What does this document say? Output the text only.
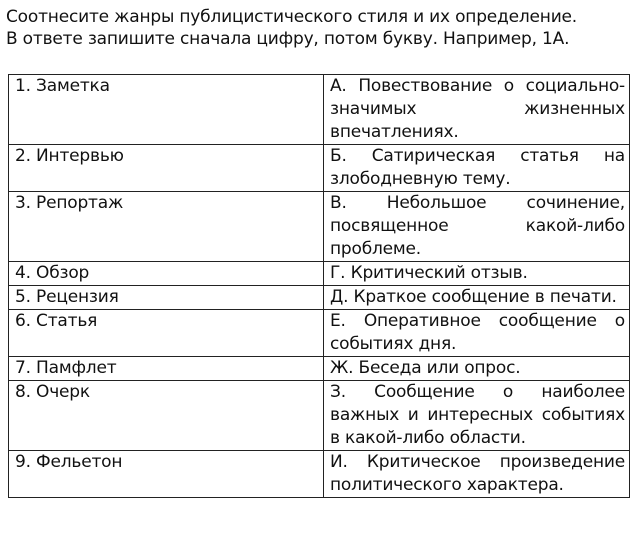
Соотнесите жанры публицистического стиля и их определение.

В ответе запишите сначала цифру, потом букву. Например, 1А.

1. Заметка	А. Повествование о социально-значимых жизненных впечатлениях.
2. Интервью	Б. Сатирическая статья на злободневную тему.
3. Репортаж	В. Небольшое сочинение, посвященное какой-либо проблеме.
4. Обзор	Г. Критический отзыв.
5. Рецензия	Д. Краткое сообщение в печати.
6. Статья	Е. Оперативное сообщение о событиях дня.
7. Памфлет	Ж. Беседа или опрос.
8. Очерк	З. Сообщение о наиболее важных и интересных событиях в какой-либо области.
9. Фельетон	И. Критическое произведение политического характера.
